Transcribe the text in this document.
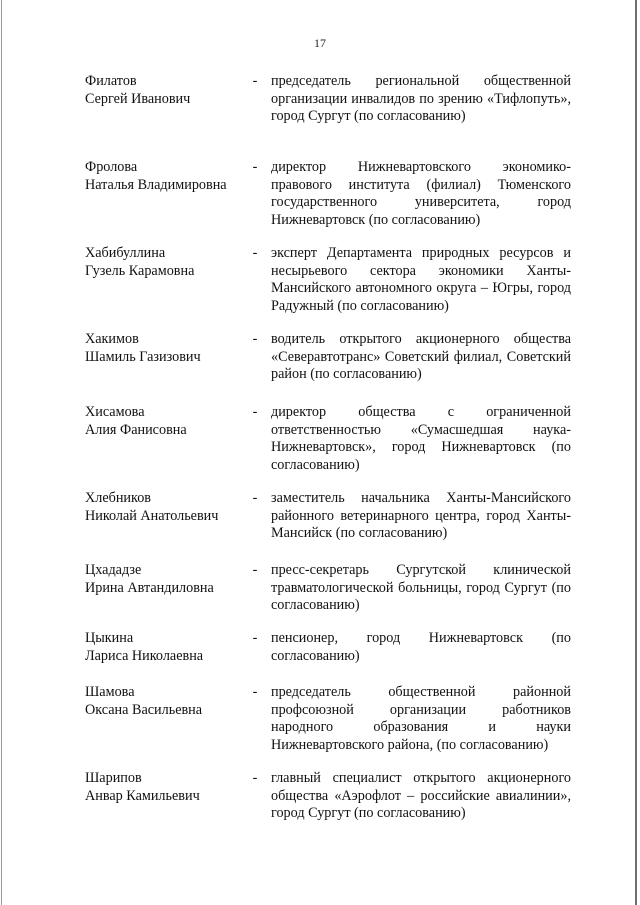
17
Филатов
Сергей Иванович
- председатель региональной общественной организации инвалидов по зрению «Тифлопуть», город Сургут (по согласованию)
Фролова
Наталья Владимировна
- директор Нижневартовского экономико-правового института (филиал) Тюменского государственного университета, город Нижневартовск (по согласованию)
Хабибуллина
Гузель Карамовна
- эксперт Департамента природных ресурсов и несырьевого сектора экономики Ханты-Мансийского автономного округа – Югры, город Радужный (по согласованию)
Хакимов
Шамиль Газизович
- водитель открытого акционерного общества «Северавтотранс» Советский филиал, Советский район (по согласованию)
Хисамова
Алия Фанисовна
- директор общества с ограниченной ответственностью «Сумасшедшая наука-Нижневартовск», город Нижневартовск (по согласованию)
Хлебников
Николай Анатольевич
- заместитель начальника Ханты-Мансийского районного ветеринарного центра, город Ханты-Мансийск (по согласованию)
Цхададзе
Ирина Автандиловна
- пресс-секретарь Сургутской клинической травматологической больницы, город Сургут (по согласованию)
Цыкина
Лариса Николаевна
- пенсионер, город Нижневартовск (по согласованию)
Шамова
Оксана Васильевна
- председатель общественной районной профсоюзной организации работников народного образования и науки Нижневартовского района, (по согласованию)
Шарипов
Анвар Камильевич
- главный специалист открытого акционерного общества «Аэрофлот – российские авиалинии», город Сургут (по согласованию)
